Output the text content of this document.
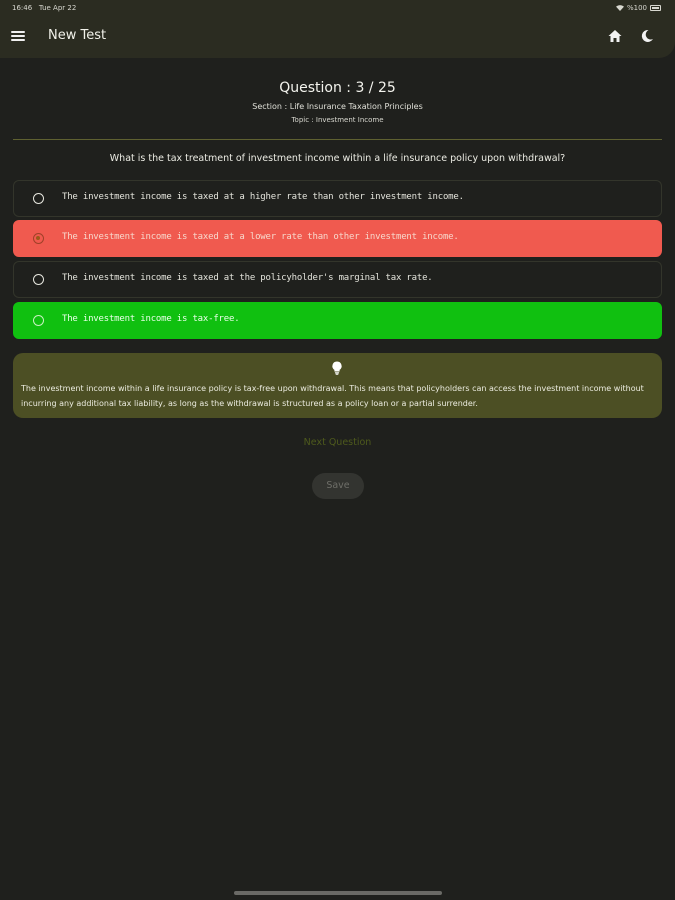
16:46 Tue Apr 22	%100
New Test
Question : 3 / 25
Section : Life Insurance Taxation Principles
Topic : Investment Income
What is the tax treatment of investment income within a life insurance policy upon withdrawal?
The investment income is taxed at a higher rate than other investment income.
The investment income is taxed at a lower rate than other investment income.
The investment income is taxed at the policyholder's marginal tax rate.
The investment income is tax-free.
The investment income within a life insurance policy is tax-free upon withdrawal. This means that policyholders can access the investment income without incurring any additional tax liability, as long as the withdrawal is structured as a policy loan or a partial surrender.
Next Question
Save
